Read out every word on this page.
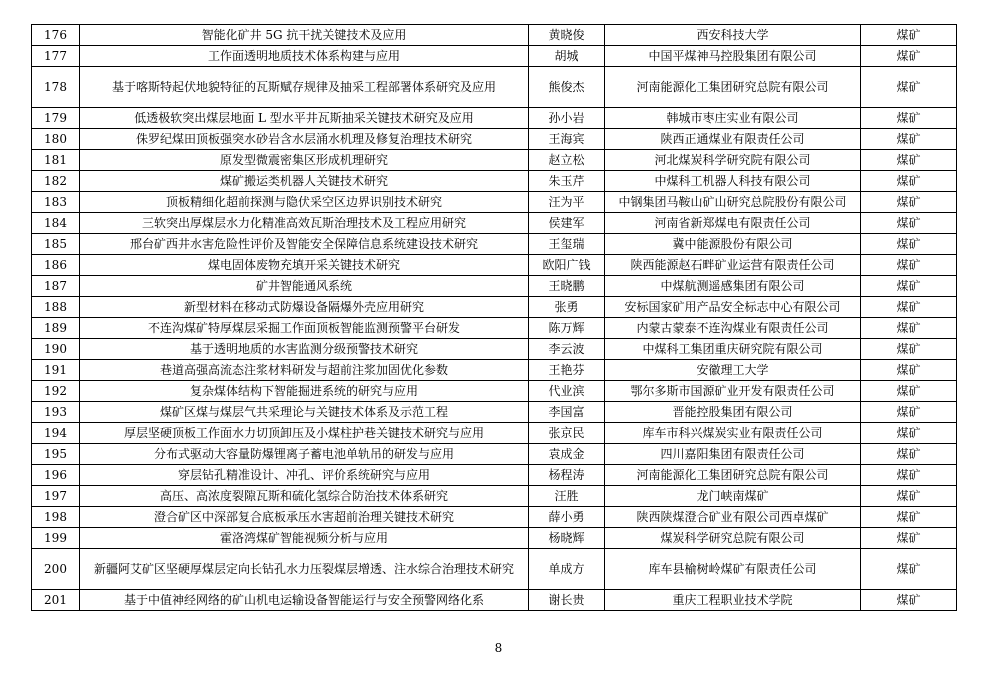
176	智能化矿井 5G 抗干扰关键技术及应用	黄晓俊	西安科技大学	煤矿
177	工作面透明地质技术体系构建与应用	胡城	中国平煤神马控股集团有限公司	煤矿
178	基于喀斯特起伏地貌特征的瓦斯赋存规律及抽采工程部署体系研究及应用	熊俊杰	河南能源化工集团研究总院有限公司	煤矿
179	低透极软突出煤层地面 L 型水平井瓦斯抽采关键技术研究及应用	孙小岩	韩城市枣庄实业有限公司	煤矿
180	侏罗纪煤田顶板强突水砂岩含水层涌水机理及修复治理技术研究	王海宾	陕西正通煤业有限责任公司	煤矿
181	原发型微震密集区形成机理研究	赵立松	河北煤炭科学研究院有限公司	煤矿
182	煤矿搬运类机器人关键技术研究	朱玉芹	中煤科工机器人科技有限公司	煤矿
183	顶板精细化超前探测与隐伏采空区边界识别技术研究	汪为平	中钢集团马鞍山矿山研究总院股份有限公司	煤矿
184	三软突出厚煤层水力化精准高效瓦斯治理技术及工程应用研究	侯建军	河南省新郑煤电有限责任公司	煤矿
185	邢台矿西井水害危险性评价及智能安全保障信息系统建设技术研究	王玺瑞	冀中能源股份有限公司	煤矿
186	煤电固体废物充填开采关键技术研究	欧阳广钱	陕西能源赵石畔矿业运营有限责任公司	煤矿
187	矿井智能通风系统	王晓鹏	中煤航测遥感集团有限公司	煤矿
188	新型材料在移动式防爆设备隔爆外壳应用研究	张勇	安标国家矿用产品安全标志中心有限公司	煤矿
189	不连沟煤矿特厚煤层采掘工作面顶板智能监测预警平台研发	陈万辉	内蒙古蒙泰不连沟煤业有限责任公司	煤矿
190	基于透明地质的水害监测分级预警技术研究	李云波	中煤科工集团重庆研究院有限公司	煤矿
191	巷道高强高流态注浆材料研发与超前注浆加固优化参数	王艳芬	安徽理工大学	煤矿
192	复杂煤体结构下智能掘进系统的研究与应用	代业滨	鄂尔多斯市国源矿业开发有限责任公司	煤矿
193	煤矿区煤与煤层气共采理论与关键技术体系及示范工程	李国富	晋能控股集团有限公司	煤矿
194	厚层坚硬顶板工作面水力切顶卸压及小煤柱护巷关键技术研究与应用	张京民	库车市科兴煤炭实业有限责任公司	煤矿
195	分布式驱动大容量防爆锂离子蓄电池单轨吊的研发与应用	袁成金	四川嘉阳集团有限责任公司	煤矿
196	穿层钻孔精准设计、冲孔、评价系统研究与应用	杨程涛	河南能源化工集团研究总院有限公司	煤矿
197	高压、高浓度裂隙瓦斯和硫化氢综合防治技术体系研究	汪胜	龙门峡南煤矿	煤矿
198	澄合矿区中深部复合底板承压水害超前治理关键技术研究	薛小勇	陕西陕煤澄合矿业有限公司西卓煤矿	煤矿
199	霍洛湾煤矿智能视频分析与应用	杨晓辉	煤炭科学研究总院有限公司	煤矿
200	新疆阿艾矿区坚硬厚煤层定向长钻孔水力压裂煤层增透、注水综合治理技术研究	单成方	库车县榆树岭煤矿有限责任公司	煤矿
201	基于中值神经网络的矿山机电运输设备智能运行与安全预警网络化系	谢长贵	重庆工程职业技术学院	煤矿
8
